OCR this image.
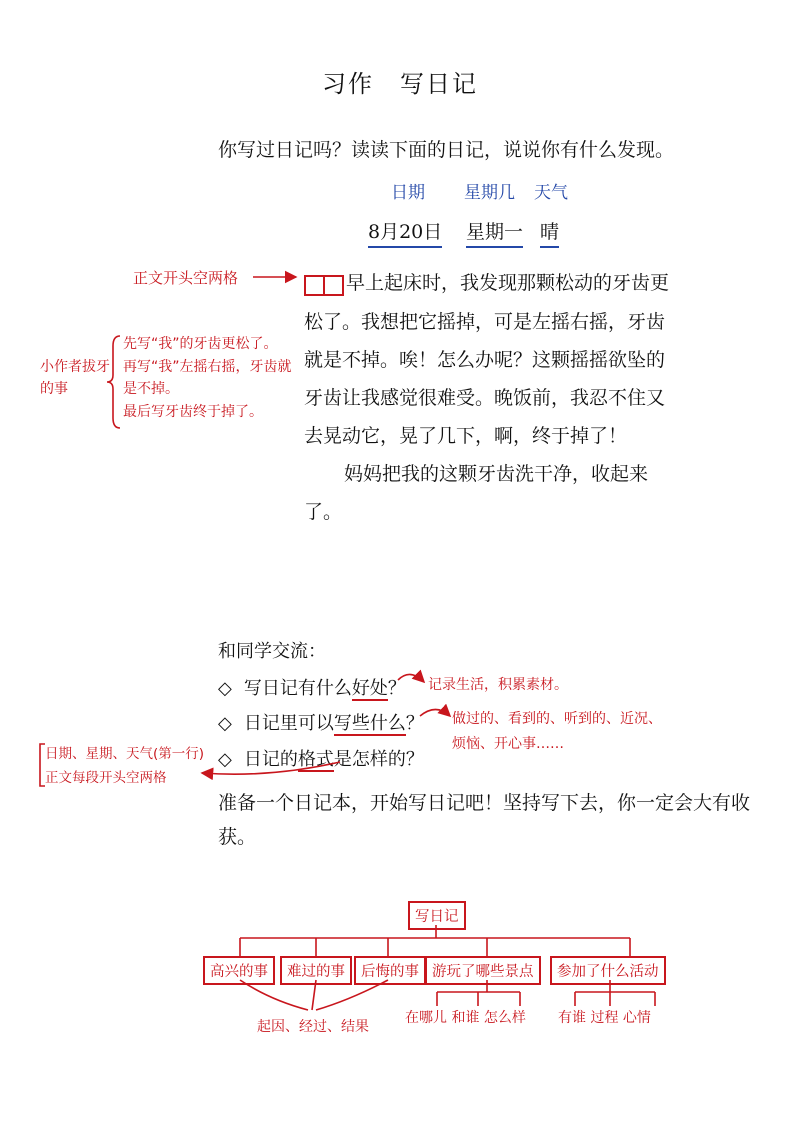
习作　写日记
你写过日记吗？读读下面的日记，说说你有什么发现。
日期 星期几 天气
8月20日 星期一 晴

早上起床时，我发现那颗松动的牙齿更松了。我想把它摇掉，可是左摇右摇，牙齿就是不掉。唉！怎么办呢？这颗摇摇欲坠的牙齿让我感觉很难受。晚饭前，我忍不住又去晃动它，晃了几下，啊，终于掉了！

妈妈把我的这颗牙齿洗干净，收起来了。

正文开头空两格
小作者拔牙的事
先写“我”的牙齿更松了。
再写“我”左摇右摇，牙齿就是不掉。
最后写牙齿终于掉了。
和同学交流：
◇ 写日记有什么好处？
◇ 日记里可以写些什么？
◇ 日记的格式是怎样的？
记录生活，积累素材。
做过的、看到的、听到的、近况、
烦恼、开心事……
日期、星期、天气(第一行)
正文每段开头空两格
准备一个日记本，开始写日记吧！坚持写下去，你一定会大有收获。
写日记
高兴的事	难过的事	后悔的事 游玩了哪些景点	参加了什么活动
起因、经过、结果
在哪儿 和谁 怎么样 有谁 过程 心情
